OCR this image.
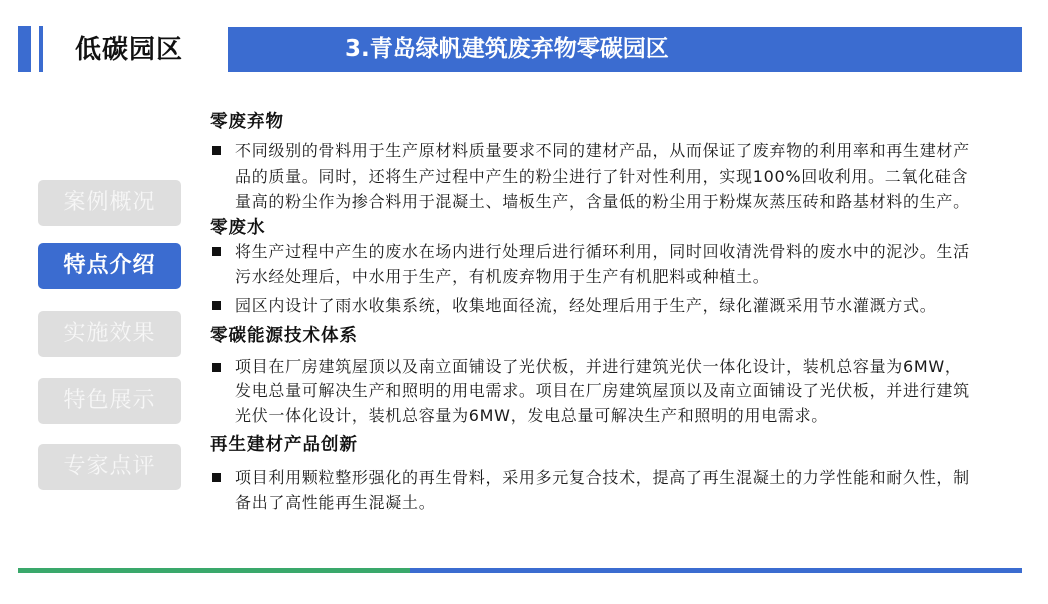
低碳园区	3.青岛绿帆建筑废弃物零碳园区
案例概况
特点介绍
实施效果
特色展示
专家点评
零废弃物
不同级别的骨料用于生产原材料质量要求不同的建材产品，从而保证了废弃物的利用率和再生建材产
品的质量。同时，还将生产过程中产生的粉尘进行了针对性利用，实现100%回收利用。二氧化硅含
量高的粉尘作为掺合料用于混凝土、墙板生产，含量低的粉尘用于粉煤灰蒸压砖和路基材料的生产。
零废水
将生产过程中产生的废水在场内进行处理后进行循环利用，同时回收清洗骨料的废水中的泥沙。生活
污水经处理后，中水用于生产，有机废弃物用于生产有机肥料或种植土。
园区内设计了雨水收集系统，收集地面径流，经处理后用于生产，绿化灌溉采用节水灌溉方式。
零碳能源技术体系
项目在厂房建筑屋顶以及南立面铺设了光伏板，并进行建筑光伏一体化设计，装机总容量为6MW，
发电总量可解决生产和照明的用电需求。项目在厂房建筑屋顶以及南立面铺设了光伏板，并进行建筑
光伏一体化设计，装机总容量为6MW，发电总量可解决生产和照明的用电需求。
再生建材产品创新
项目利用颗粒整形强化的再生骨料，采用多元复合技术，提高了再生混凝土的力学性能和耐久性，制
备出了高性能再生混凝土。
